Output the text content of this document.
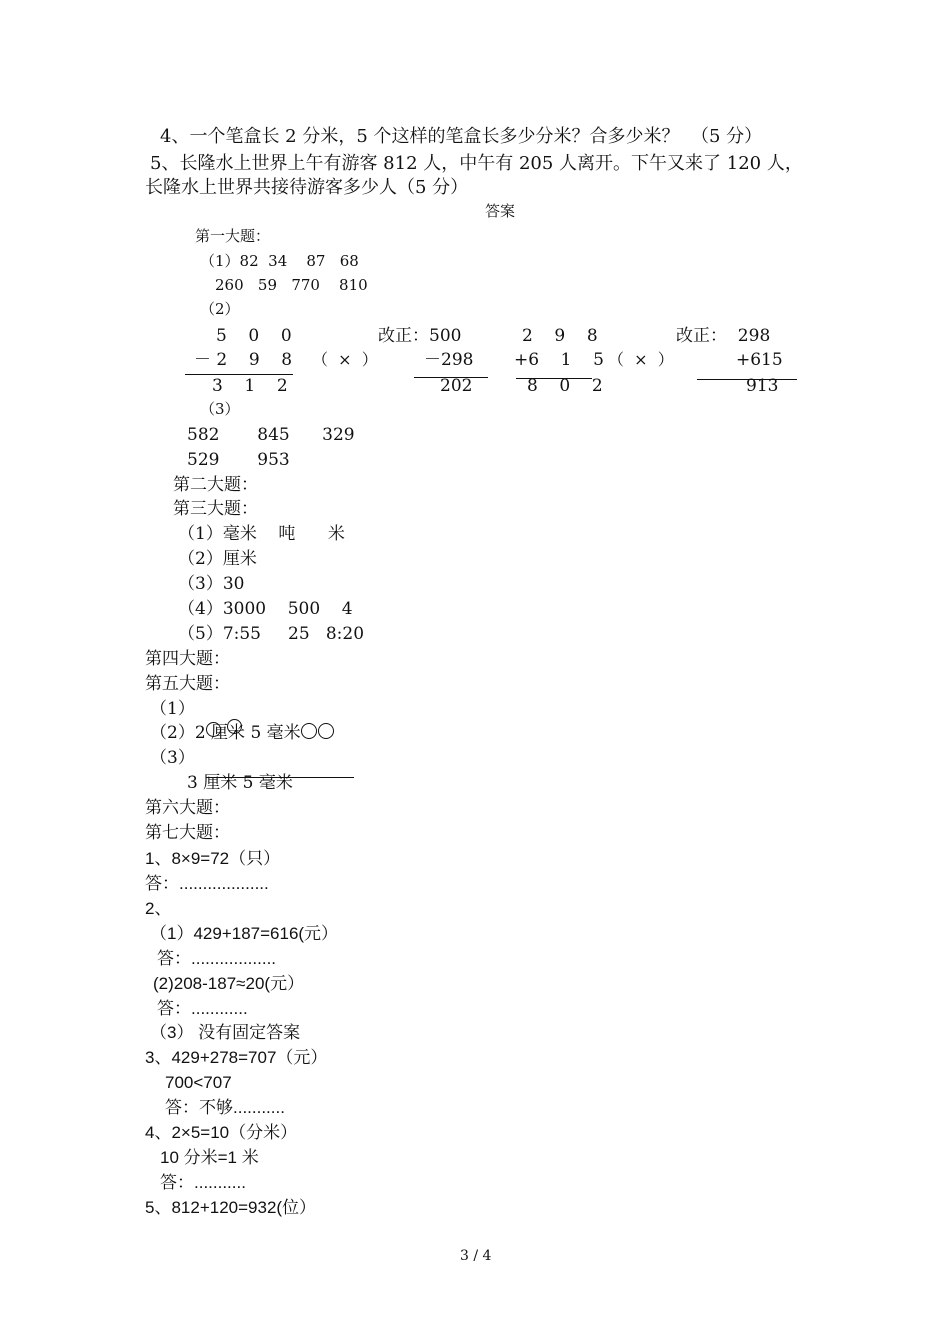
4、一个笔盒长 2 分米，5 个这样的笔盒长多少分米？合多少米？  （5 分）
5、长隆水上世界上午有游客 812 人，中午有 205 人离开。下午又来了 120 人，
长隆水上世界共接待游客多少人（5 分）
答案
第一大题：
（1）82  34    87   68
260   59   770    810
（2）
5    0    0
－ 2    9    8
3    1    2
（  ×  ）
改正：500
－298
202
2    9    8
+6    1    5
8    0    2
（  ×  ）
改正：  298
+615
913
（3）
582       845      329
529       953
第二大题：
第三大题：
（1）毫米    吨      米
（2）厘米
（3）30
（4）3000    500    4
（5）7:55     25   8:20
第四大题：
第五大题：
（1）
（2）2 厘米 5 毫米
（3）
3 厘米 5 毫米
第六大题：
第七大题：
1、8×9=72（只）
答：...................
2、
（1）429+187=616(元）
答：..................
(2)208-187≈20(元）
答：............
（3） 没有固定答案
3、429+278=707（元）
700<707
答：不够...........
4、2×5=10（分米）
10 分米=1 米
答：...........
5、812+120=932(位）
3 / 4
